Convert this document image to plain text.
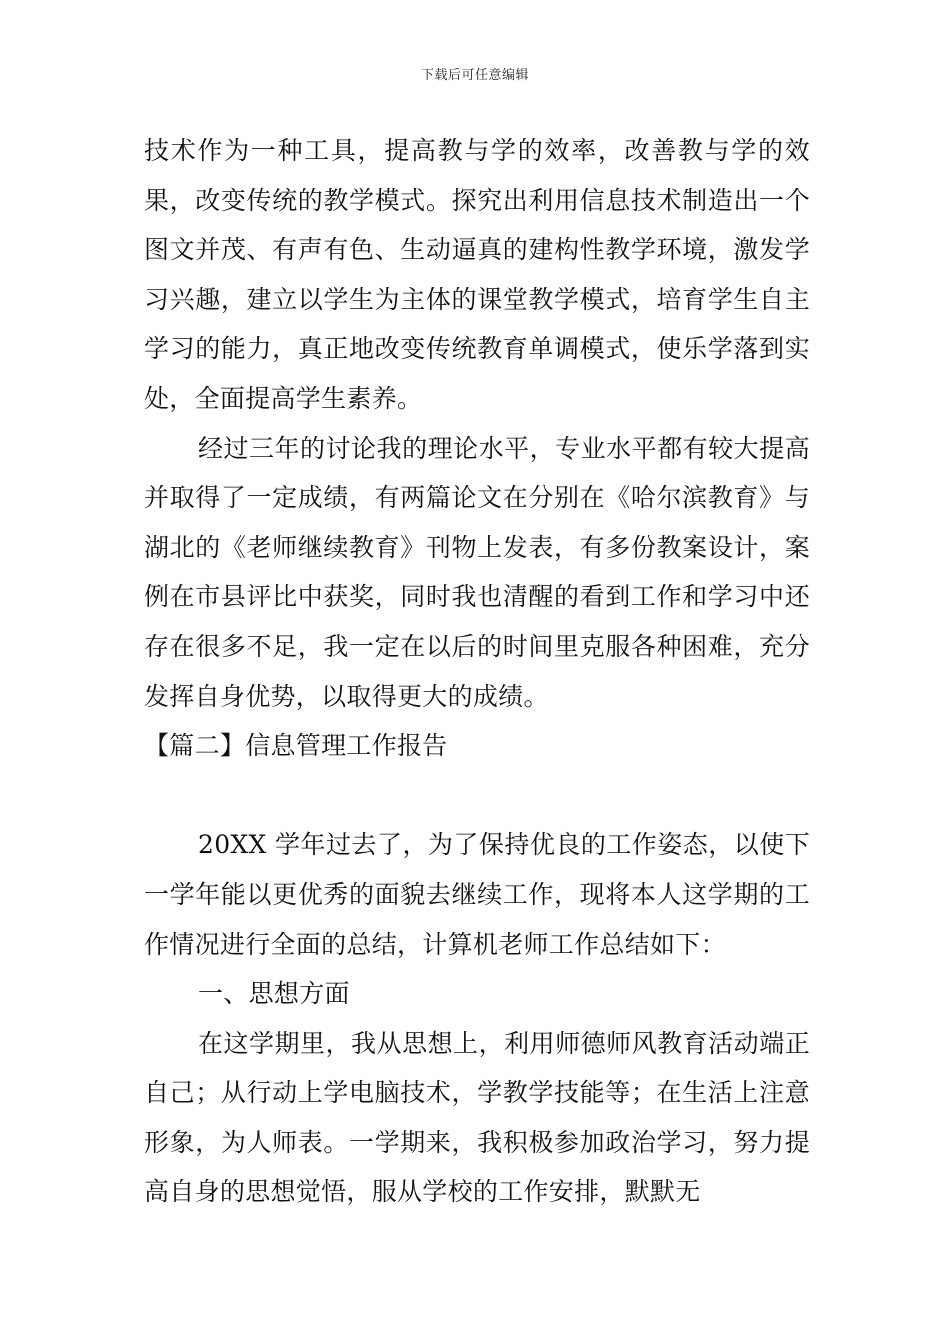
下载后可任意编辑

技术作为一种工具，提高教与学的效率，改善教与学的效果，改变传统的教学模式。探究出利用信息技术制造出一个图文并茂、有声有色、生动逼真的建构性教学环境，激发学习兴趣，建立以学生为主体的课堂教学模式，培育学生自主学习的能力，真正地改变传统教育单调模式，使乐学落到实处，全面提高学生素养。

经过三年的讨论我的理论水平，专业水平都有较大提高并取得了一定成绩，有两篇论文在分别在《哈尔滨教育》与湖北的《老师继续教育》刊物上发表，有多份教案设计，案例在市县评比中获奖，同时我也清醒的看到工作和学习中还存在很多不足，我一定在以后的时间里克服各种困难，充分发挥自身优势，以取得更大的成绩。

【篇二】信息管理工作报告

20XX 学年过去了，为了保持优良的工作姿态，以使下一学年能以更优秀的面貌去继续工作，现将本人这学期的工作情况进行全面的总结，计算机老师工作总结如下：

一、思想方面

在这学期里，我从思想上，利用师德师风教育活动端正自己；从行动上学电脑技术，学教学技能等；在生活上注意形象，为人师表。一学期来，我积极参加政治学习，努力提高自身的思想觉悟，服从学校的工作安排，默默无
